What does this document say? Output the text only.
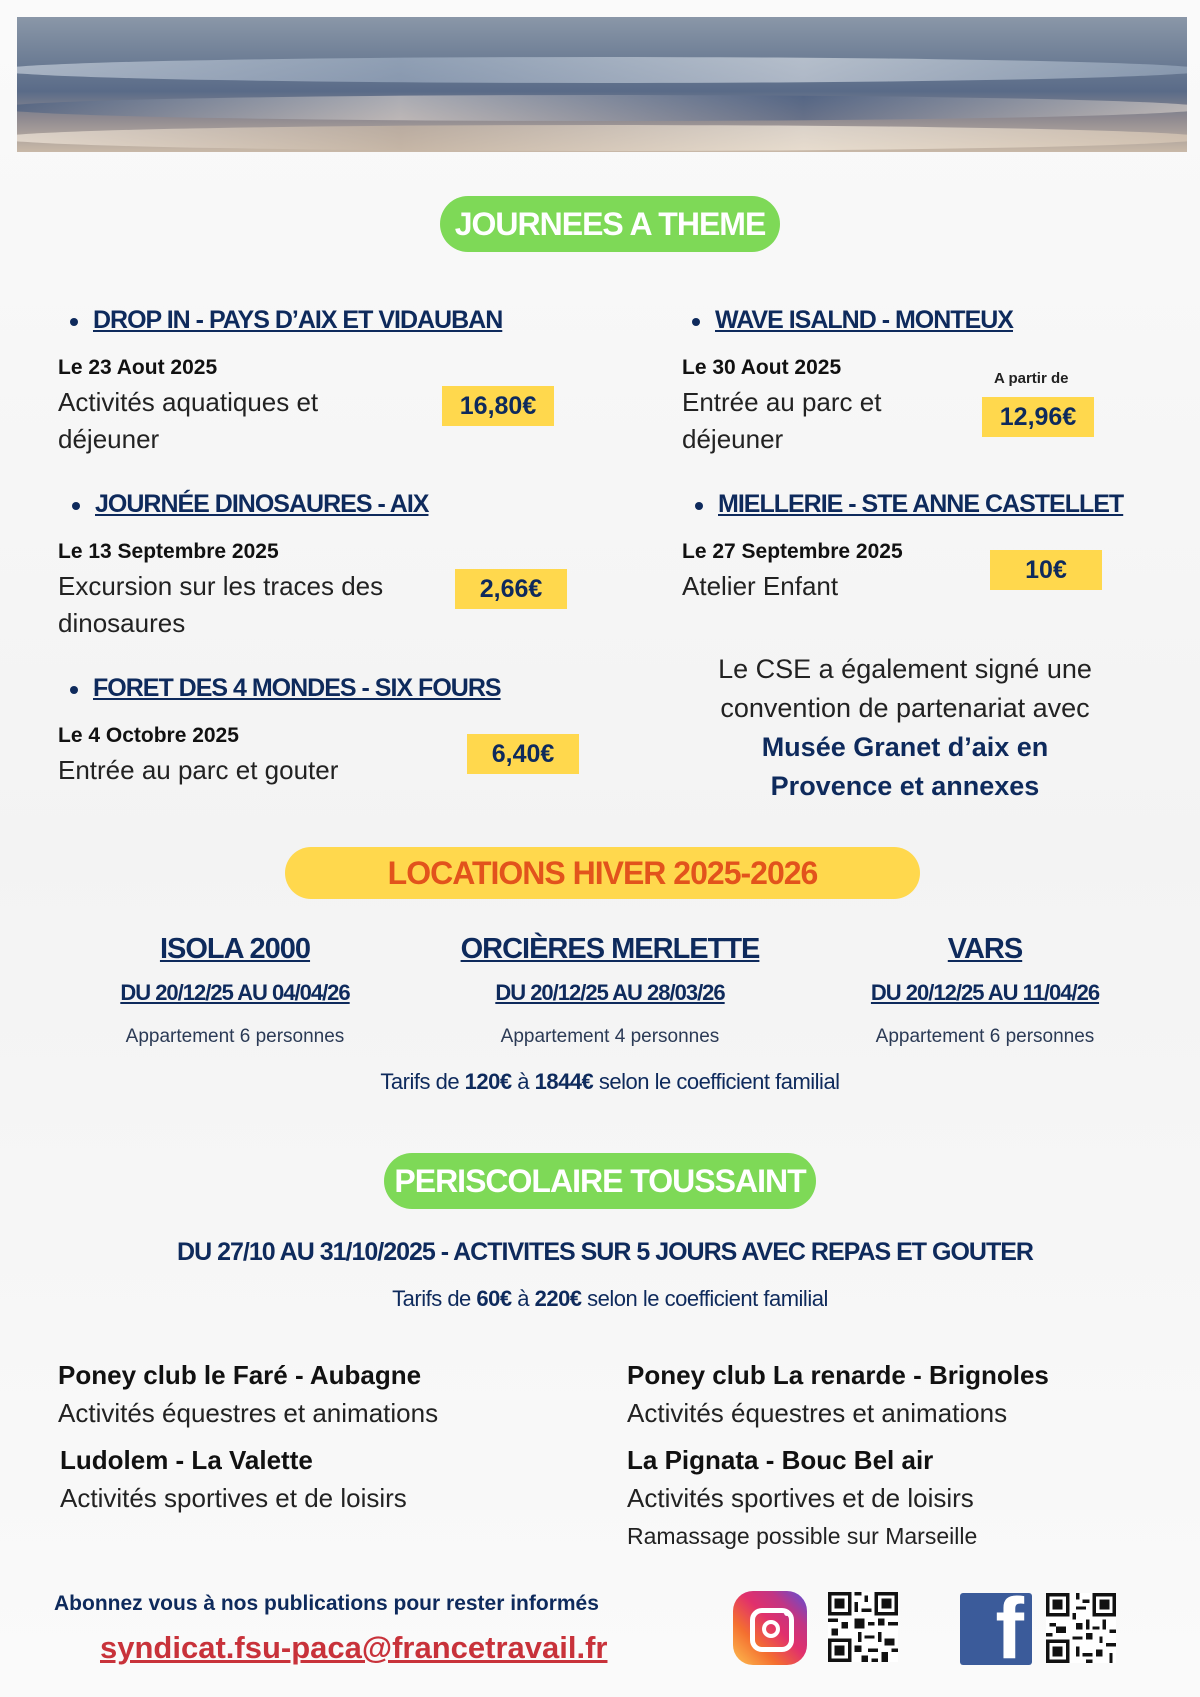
JOURNEES A THEME
DROP IN - PAYS D’AIX ET VIDAUBAN
Le 23 Aout 2025
Activités aquatiques et
déjeuner
16,80€
WAVE ISALND - MONTEUX
Le 30 Aout 2025
Entrée au parc et
déjeuner
A partir de
12,96€
JOURNÉE DINOSAURES - AIX
Le 13 Septembre 2025
Excursion sur les traces des
dinosaures
2,66€
MIELLERIE - STE ANNE CASTELLET
Le 27 Septembre 2025
Atelier Enfant
10€
FORET DES 4 MONDES - SIX FOURS
Le 4 Octobre 2025
Entrée au parc et gouter
6,40€
Le CSE a également signé une
convention de partenariat avec
Musée Granet d’aix en
Provence et annexes
LOCATIONS HIVER 2025-2026
ISOLA 2000
DU 20/12/25 AU 04/04/26
Appartement 6 personnes
ORCIÈRES MERLETTE
DU 20/12/25 AU 28/03/26
Appartement 4 personnes
VARS
DU 20/12/25 AU 11/04/26
Appartement 6 personnes
Tarifs de 120€ à 1844€ selon le coefficient familial
PERISCOLAIRE TOUSSAINT
DU 27/10 AU 31/10/2025 - ACTIVITES SUR 5 JOURS AVEC REPAS ET GOUTER
Tarifs de 60€ à 220€ selon le coefficient familial
Poney club le Faré - Aubagne
Activités équestres et animations
Poney club La renarde - Brignoles
Activités équestres et animations
Ludolem - La Valette
Activités sportives et de loisirs
La Pignata - Bouc Bel air
Activités sportives et de loisirs
Ramassage possible sur Marseille
Abonnez vous à nos publications pour rester informés
syndicat.fsu-paca@francetravail.fr	f
